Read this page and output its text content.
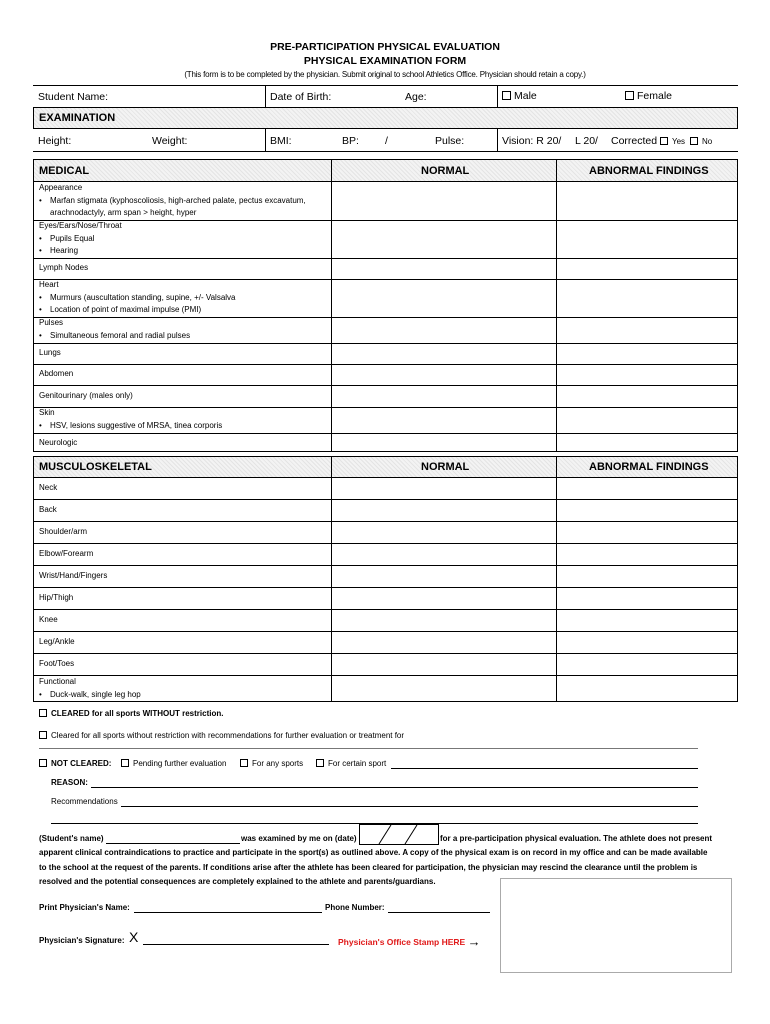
PRE-PARTICIPATION PHYSICAL EVALUATION
PHYSICAL EXAMINATION FORM
(This form is to be completed by the physician. Submit original to school Athletics Office. Physician should retain a copy.)
Student Name:	Date of Birth:	Age:	Male	Female
EXAMINATION
Height:	Weight:	BMI:	BP: /	Pulse:	Vision: R 20/ L 20/ Corrected	Yes	No
MEDICAL	NORMAL	ABNORMAL FINDINGS
Appearance
• Marfan stigmata (kyphoscoliosis, high-arched palate, pectus excavatum,
arachnodactyly, arm span > height, hyper
Eyes/Ears/Nose/Throat
• Pupils Equal
• Hearing
Lymph Nodes
Heart
• Murmurs (auscultation standing, supine, +/- Valsalva
• Location of point of maximal impulse (PMI)
Pulses
• Simultaneous femoral and radial pulses
Lungs
Abdomen
Genitourinary (males only)
Skin
• HSV, lesions suggestive of MRSA, tinea corporis
Neurologic
MUSCULOSKELETAL	NORMAL	ABNORMAL FINDINGS
Neck
Back
Shoulder/arm
Elbow/Forearm
Wrist/Hand/Fingers
Hip/Thigh
Knee
Leg/Ankle
Foot/Toes
Functional
• Duck-walk, single leg hop
CLEARED for all sports WITHOUT restriction.
Cleared for all sports without restriction with recommendations for further evaluation or treatment for
NOT CLEARED:	Pending further evaluation	For any sports	For certain sport
REASON:
Recommendations
(Student's name)	was examined by me on (date)	for a pre-participation physical evaluation. The athlete does not present
apparent clinical contraindications to practice and participate in the sport(s) as outlined above. A copy of the physical exam is on record in my office and can be made available
to the school at the request of the parents. If conditions arise after the athlete has been cleared for participation, the physician may rescind the clearance until the problem is
resolved and the potential consequences are completely explained to the athlete and parents/guardians.
Print Physician's Name:	Phone Number:
Physician's Signature: X	Physician's Office Stamp HERE →
